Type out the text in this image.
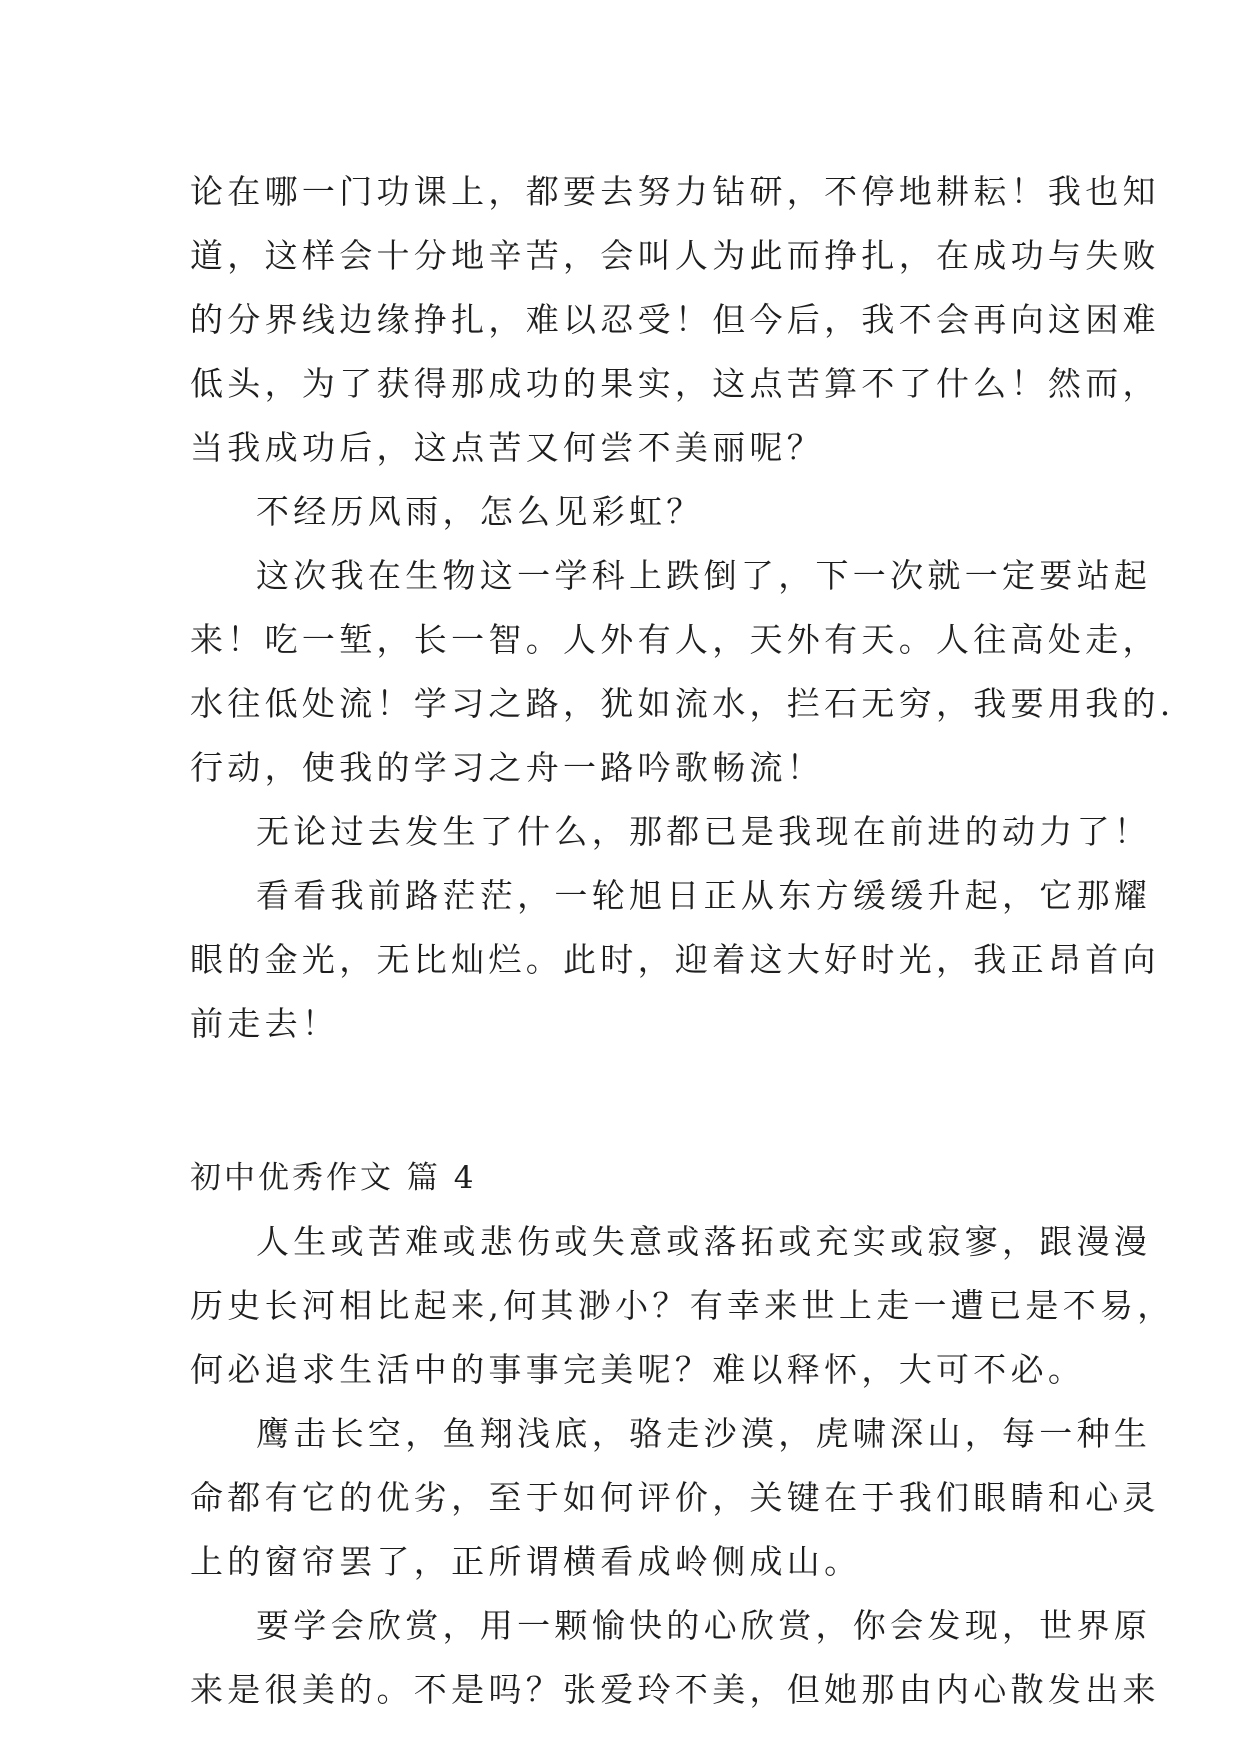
论在哪一门功课上，都要去努力钻研，不停地耕耘！我也知
道，这样会十分地辛苦，会叫人为此而挣扎，在成功与失败
的分界线边缘挣扎，难以忍受！但今后，我不会再向这困难
低头，为了获得那成功的果实，这点苦算不了什么！然而，
当我成功后，这点苦又何尝不美丽呢？
不经历风雨，怎么见彩虹？
这次我在生物这一学科上跌倒了，下一次就一定要站起
来！吃一堑，长一智。人外有人，天外有天。人往高处走，
水往低处流！学习之路，犹如流水，拦石无穷，我要用我的.
行动，使我的学习之舟一路吟歌畅流！
无论过去发生了什么，那都已是我现在前进的动力了！
看看我前路茫茫，一轮旭日正从东方缓缓升起，它那耀
眼的金光，无比灿烂。此时，迎着这大好时光，我正昂首向
前走去！
初中优秀作文 篇 4
人生或苦难或悲伤或失意或落拓或充实或寂寥，跟漫漫
历史长河相比起来,何其渺小？有幸来世上走一遭已是不易，
何必追求生活中的事事完美呢？难以释怀，大可不必。
鹰击长空，鱼翔浅底，骆走沙漠，虎啸深山，每一种生
命都有它的优劣，至于如何评价，关键在于我们眼睛和心灵
上的窗帘罢了，正所谓横看成岭侧成山。
要学会欣赏，用一颗愉快的心欣赏，你会发现，世界原
来是很美的。不是吗？张爱玲不美，但她那由内心散发出来
